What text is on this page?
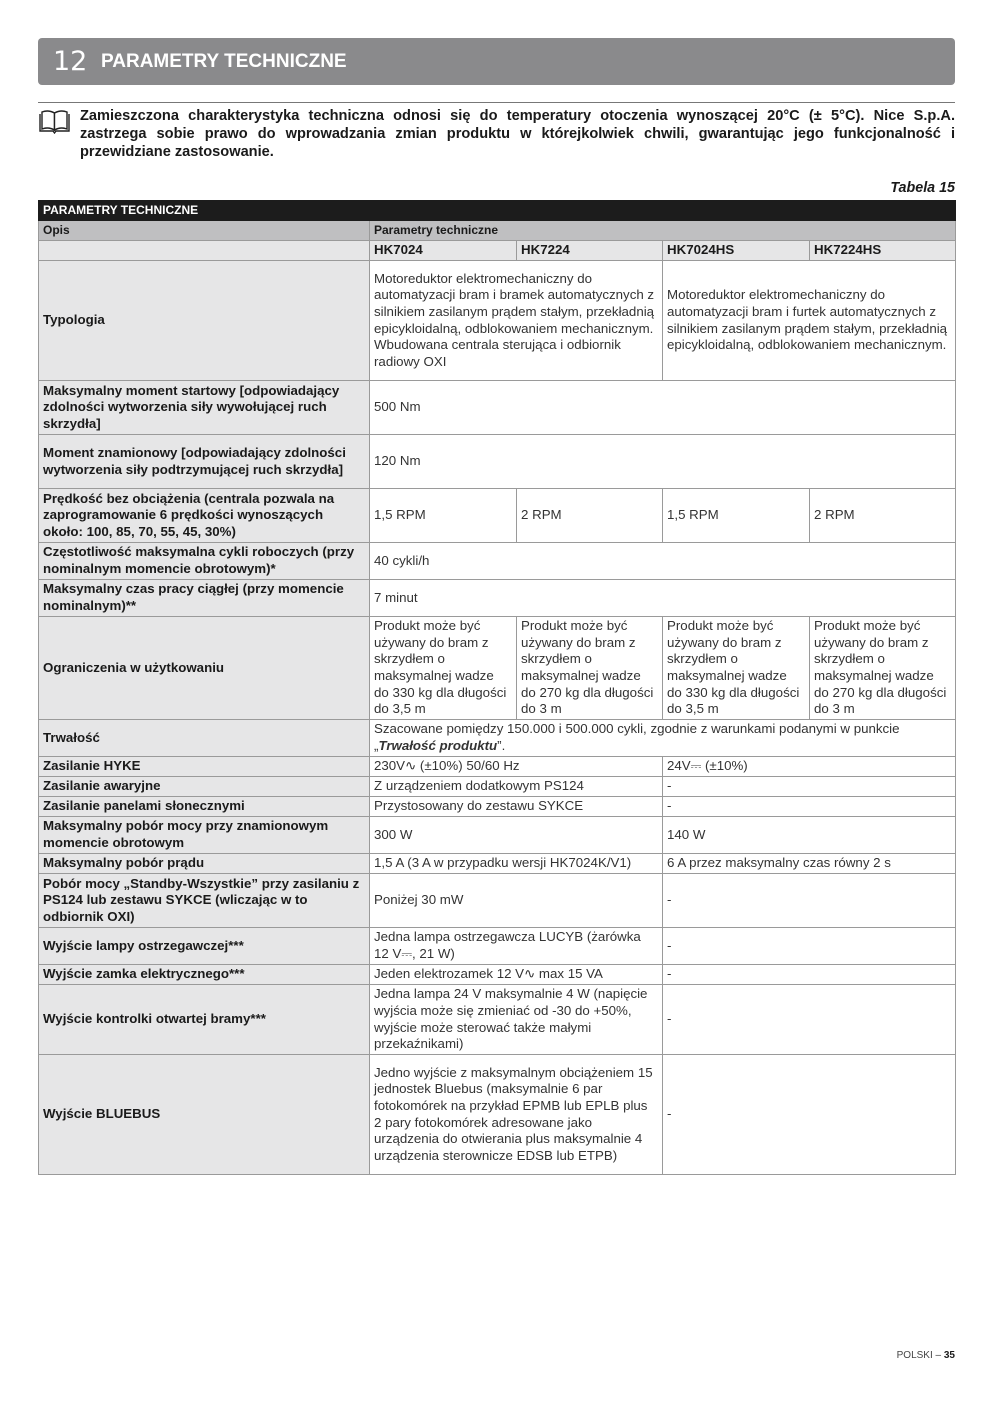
12 PARAMETRY TECHNICZNE
Zamieszczona charakterystyka techniczna odnosi się do temperatury otoczenia wynoszącej 20°C (± 5°C). Nice S.p.A. zastrzega sobie prawo do wprowadzania zmian produktu w którejkolwiek chwili, gwarantując jego funkcjonalność i przewidziane zastosowanie.
Tabela 15
PARAMETRY TECHNICZNE				
Opis	Parametry techniczne			
	HK7024	HK7224	HK7024HS	HK7224HS
Typologia	Motoreduktor elektromechaniczny do automatyzacji bram i bramek automatycznych z silnikiem zasilanym prądem stałym, przekładnią epicykloidalną, odblokowaniem mechanicznym. Wbudowana centrala sterująca i odbiornik radiowy OXI		Motoreduktor elektromechaniczny do automatyzacji bram i furtek automatycznych z silnikiem zasilanym prądem stałym, przekładnią epicykloidalną, odblokowaniem mechanicznym.	
Maksymalny moment startowy [odpowiadający zdolności wytworzenia siły wywołującej ruch skrzydła]	500 Nm			
Moment znamionowy [odpowiadający zdolności wytworzenia siły podtrzymującej ruch skrzydła]	120 Nm			
Prędkość bez obciążenia (centrala pozwala na zaprogramowanie 6 prędkości wynoszących około: 100, 85, 70, 55, 45, 30%)	1,5 RPM	2 RPM	1,5 RPM	2 RPM
Częstotliwość maksymalna cykli roboczych (przy nominalnym momencie obrotowym)*	40 cykli/h			
Maksymalny czas pracy ciągłej (przy momencie nominalnym)**	7 minut			
Ograniczenia w użytkowaniu	Produkt może być używany do bram z skrzydłem o maksymalnej wadze do 330 kg dla długości do 3,5 m	Produkt może być używany do bram z skrzydłem o maksymalnej wadze do 270 kg dla długości do 3 m	Produkt może być używany do bram z skrzydłem o maksymalnej wadze do 330 kg dla długości do 3,5 m	Produkt może być używany do bram z skrzydłem o maksymalnej wadze do 270 kg dla długości do 3 m
Trwałość	Szacowane pomiędzy 150.000 i 500.000 cykli, zgodnie z warunkami podanymi w punkcie „Trwałość produktu”.			
Zasilanie HYKE	230V∿ (±10%) 50/60 Hz		24V⎓ (±10%)	
Zasilanie awaryjne	Z urządzeniem dodatkowym PS124		-	
Zasilanie panelami słonecznymi	Przystosowany do zestawu SYKCE		-	
Maksymalny pobór mocy przy znamionowym momencie obrotowym	300 W		140 W	
Maksymalny pobór prądu	1,5 A (3 A w przypadku wersji HK7024K/V1)		6 A przez maksymalny czas równy 2 s	
Pobór mocy „Standby-Wszystkie” przy zasilaniu z PS124 lub zestawu SYKCE (wliczając w to odbiornik OXI)	Poniżej 30 mW		-	
Wyjście lampy ostrzegawczej***	Jedna lampa ostrzegawcza LUCYB (żarówka 12 V⎓, 21 W)		-	
Wyjście zamka elektrycznego***	Jeden elektrozamek 12 V∿ max 15 VA		-	
Wyjście kontrolki otwartej bramy***	Jedna lampa 24 V maksymalnie 4 W (napięcie wyjścia może się zmieniać od -30 do +50%, wyjście może sterować także małymi przekaźnikami)		-	
Wyjście BLUEBUS	Jedno wyjście z maksymalnym obciążeniem 15 jednostek Bluebus (maksymalnie 6 par fotokomórek na przykład EPMB lub EPLB plus 2 pary fotokomórek adresowane jako urządzenia do otwierania plus maksymalnie 4 urządzenia sterownicze EDSB lub ETPB)		-	
POLSKI – 35
